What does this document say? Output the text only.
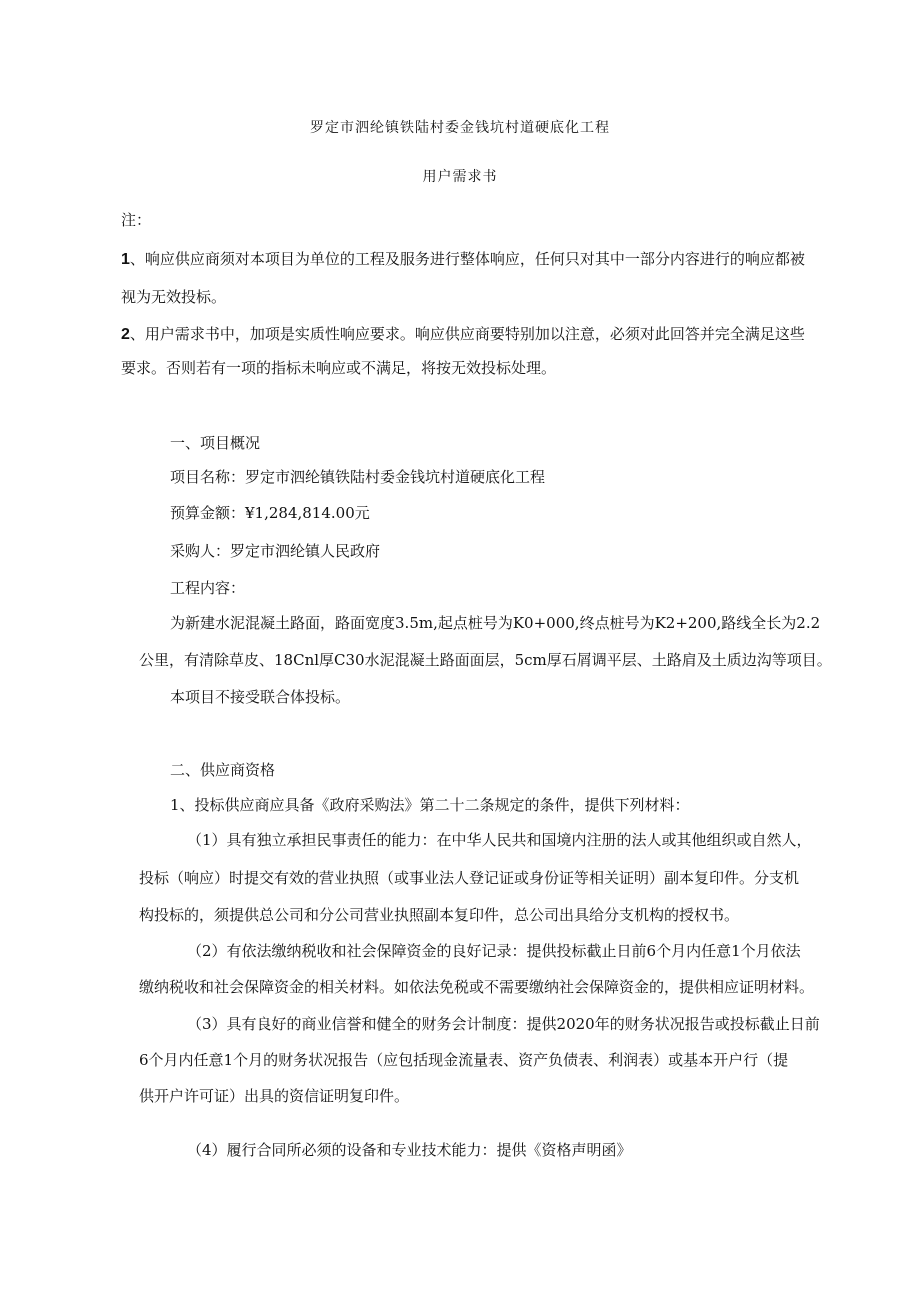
罗定市泗纶镇铁陆村委金钱坑村道硬底化工程
用户需求书
注：
1、响应供应商须对本项目为单位的工程及服务进行整体响应，任何只对其中一部分内容进行的响应都被
视为无效投标。
2、用户需求书中，加项是实质性响应要求。响应供应商要特别加以注意，必须对此回答并完全满足这些
要求。否则若有一项的指标未响应或不满足，将按无效投标处理。
一、项目概况
项目名称：罗定市泗纶镇铁陆村委金钱坑村道硬底化工程
预算金额：¥1,284,814.00元
采购人：罗定市泗纶镇人民政府
工程内容：
为新建水泥混凝土路面，路面宽度3.5m,起点桩号为K0+000,终点桩号为K2+200,路线全长为2.2
公里，有清除草皮、18Cnl厚C30水泥混凝土路面面层，5cm厚石屑调平层、土路肩及土质边沟等项目。
本项目不接受联合体投标。
二、供应商资格
1、投标供应商应具备《政府采购法》第二十二条规定的条件，提供下列材料：
（1）具有独立承担民事责任的能力：在中华人民共和国境内注册的法人或其他组织或自然人，
投标（响应）时提交有效的营业执照（或事业法人登记证或身份证等相关证明）副本复印件。分支机
构投标的，须提供总公司和分公司营业执照副本复印件，总公司出具给分支机构的授权书。
（2）有依法缴纳税收和社会保障资金的良好记录：提供投标截止日前6个月内任意1个月依法
缴纳税收和社会保障资金的相关材料。如依法免税或不需要缴纳社会保障资金的，提供相应证明材料。
（3）具有良好的商业信誉和健全的财务会计制度：提供2020年的财务状况报告或投标截止日前
6个月内任意1个月的财务状况报告（应包括现金流量表、资产负债表、利润表）或基本开户行（提
供开户许可证）出具的资信证明复印件。
（4）履行合同所必须的设备和专业技术能力：提供《资格声明函》
